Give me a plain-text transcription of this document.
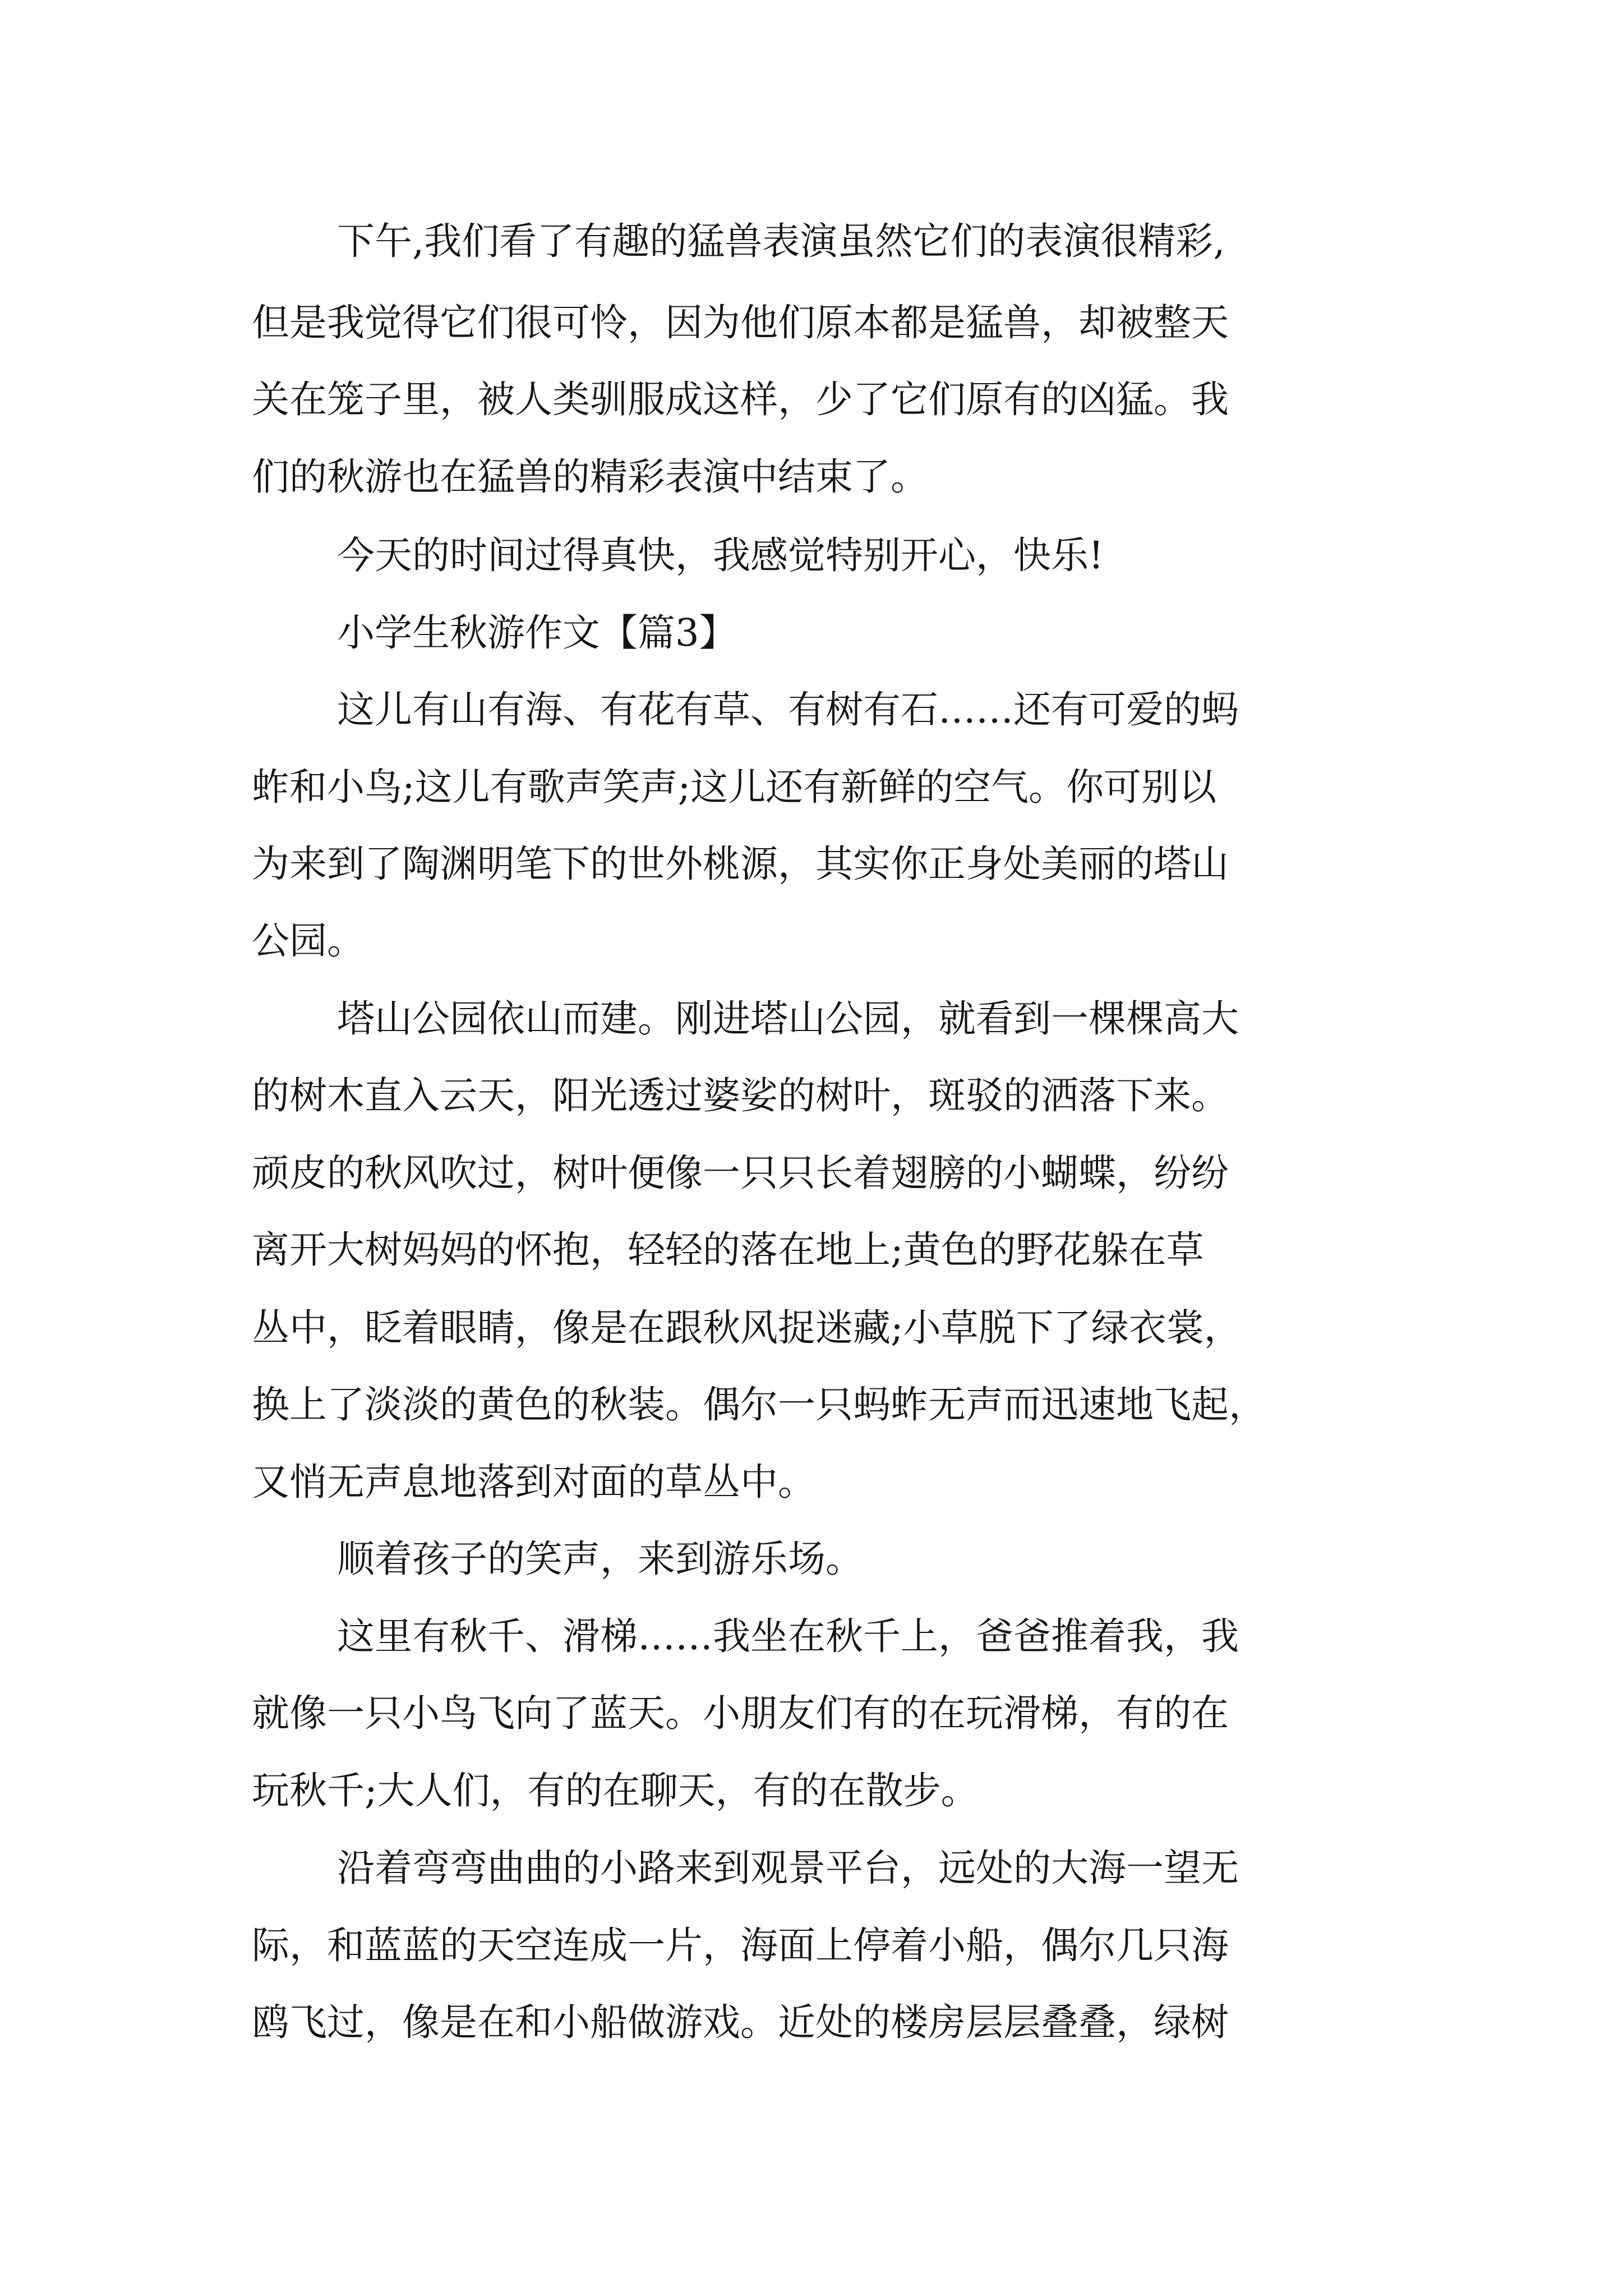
下午,我们看了有趣的猛兽表演虽然它们的表演很精彩,
但是我觉得它们很可怜，因为他们原本都是猛兽，却被整天
关在笼子里，被人类驯服成这样，少了它们原有的凶猛。我
们的秋游也在猛兽的精彩表演中结束了。
今天的时间过得真快，我感觉特别开心，快乐!
小学生秋游作文【篇3】
这儿有山有海、有花有草、有树有石……还有可爱的蚂
蚱和小鸟;这儿有歌声笑声;这儿还有新鲜的空气。你可别以
为来到了陶渊明笔下的世外桃源，其实你正身处美丽的塔山
公园。
塔山公园依山而建。刚进塔山公园，就看到一棵棵高大
的树木直入云天，阳光透过婆娑的树叶，斑驳的洒落下来。
顽皮的秋风吹过，树叶便像一只只长着翅膀的小蝴蝶，纷纷
离开大树妈妈的怀抱，轻轻的落在地上;黄色的野花躲在草
丛中，眨着眼睛，像是在跟秋风捉迷藏;小草脱下了绿衣裳，
换上了淡淡的黄色的秋装。偶尔一只蚂蚱无声而迅速地飞起，
又悄无声息地落到对面的草丛中。
顺着孩子的笑声，来到游乐场。
这里有秋千、滑梯……我坐在秋千上，爸爸推着我，我
就像一只小鸟飞向了蓝天。小朋友们有的在玩滑梯，有的在
玩秋千;大人们，有的在聊天，有的在散步。
沿着弯弯曲曲的小路来到观景平台，远处的大海一望无
际，和蓝蓝的天空连成一片，海面上停着小船，偶尔几只海
鸥飞过，像是在和小船做游戏。近处的楼房层层叠叠，绿树
